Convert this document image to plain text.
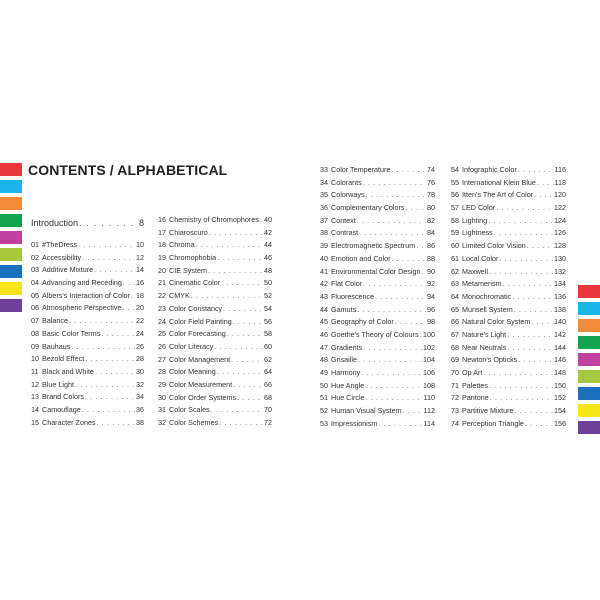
CONTENTS / ALPHABETICAL
Introduction . . .	8
01 #TheDress . . .	10
02 Accessibility . . .	12
03 Additive Mixture . . .	14
04 Advancing and Receding . . . 16
05 Albers's Interaction of Color . . . 18
06 Atmospheric Perspective . . . 20
07 Balance . . .	22
08 Basic Color Terms . . .	24
09 Bauhaus . . .	26
10 Bezold Effect . . .	28
11 Black and White . . .	30
12 Blue Light . . .	32
13 Brand Colors . . .	34
14 Camouflage . . .	36
15 Character Zones . . .	38
16 Chemistry of Chromophores . . . 40
17 Chiaroscuro . . .	42
18 Chroma . . .	44
19 Chromophobia . . .	46
20 CIE System . . .	48
21 Cinematic Color . . .	50
22 CMYK . . .	52
23 Color Constancy . . .	54
24 Color Field Painting . . .	56
25 Color Forecasting . . .	58
26 Color Literacy . . .	60
27 Color Management . . .	62
28 Color Meaning . . .	64
29 Color Measurement . . .	66
30 Color Order Systems . . .	68
31 Color Scales . . .	70
32 Color Schemes . . .	72
33 Color Temperature . . .	74
34 Colorants . . .	76
35 Colorways . . .	78
36 Complementary Colors . . .	80
37 Context . . .	82
38 Contrast . . .	84
39 Electromagnetic Spectrum . . . 86
40 Emotion and Color . . .	88
41 Environmental Color Design . . . 90
42 Flat Color . . .	92
43 Fluorescence . . .	94
44 Gamuts . . .	96
45 Geography of Color . . .	98
46 Goethe's Theory of Colours . . . 100
47 Gradients . . .	102
48 Grisaille . . .	104
49 Harmony . . .	106
50 Hue Angle . . .	108
51 Hue Circle . . .	110
52 Human Visual System . . .	112
53 Impressionism . . .	114
54 Infographic Color . . .	116
55 International Klein Blue . . .	118
56 Itten's The Art of Color . . .	120
57 LED Color . . .	122
58 Lighting . . .	124
59 Lightness . . .	126
60 Limited Color Vision . . .	128
61 Local Color . . .	130
62 Maxwell . . .	132
63 Metamerism . . .	134
64 Monochromatic . . .	136
65 Munsell System . . .	138
66 Natural Color System . . .	140
67 Nature's Light . . .	142
68 Near Neutrals . . .	144
69 Newton's Opticks . . .	146
70 Op Art . . .	148
71 Palettes . . .	150
72 Pantone . . .	152
73 Partitive Mixture . . .	154
74 Perception Triangle . . .	156
